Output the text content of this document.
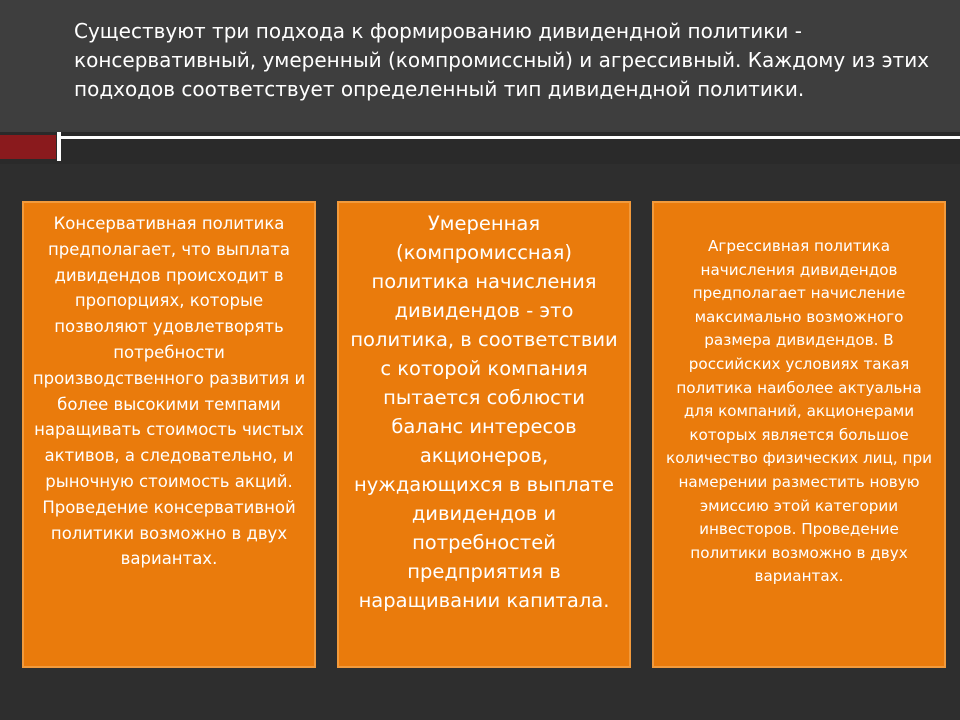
Существуют три подхода к формированию дивидендной политики - консервативный, умеренный (компромиссный) и агрессивный. Каждому из этих подходов соответствует определенный тип дивидендной политики.

Консервативная политика предполагает, что выплата дивидендов происходит в пропорциях, которые позволяют удовлетворять потребности производственного развития и более высокими темпами наращивать стоимость чистых активов, а следовательно, и рыночную стоимость акций. Проведение консервативной политики возможно в двух вариантах.

Умеренная (компромиссная) политика начисления дивидендов - это политика, в соответствии с которой компания пытается соблюсти баланс интересов акционеров, нуждающихся в выплате дивидендов и потребностей предприятия в наращивании капитала.

Агрессивная политика начисления дивидендов предполагает начисление максимально возможного размера дивидендов. В российских условиях такая политика наиболее актуальна для компаний, акционерами которых является большое количество физических лиц, при намерении разместить новую эмиссию этой категории инвесторов. Проведение политики возможно в двух вариантах.
